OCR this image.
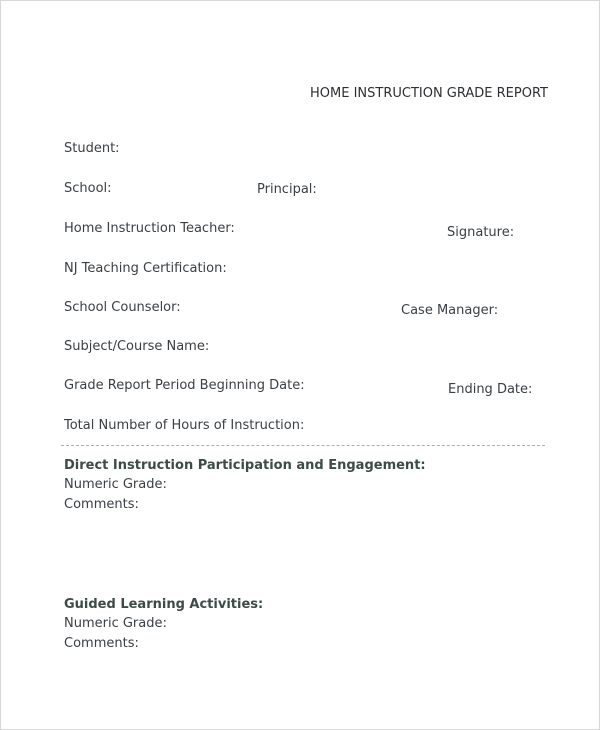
HOME INSTRUCTION GRADE REPORT
Student:
School:	Principal:
Home Instruction Teacher:	Signature:
NJ Teaching Certification:
School Counselor:	Case Manager:
Subject/Course Name:
Grade Report Period Beginning Date:	Ending Date:
Total Number of Hours of Instruction:
Direct Instruction Participation and Engagement:
Numeric Grade:
Comments:
Guided Learning Activities:
Numeric Grade:
Comments:
